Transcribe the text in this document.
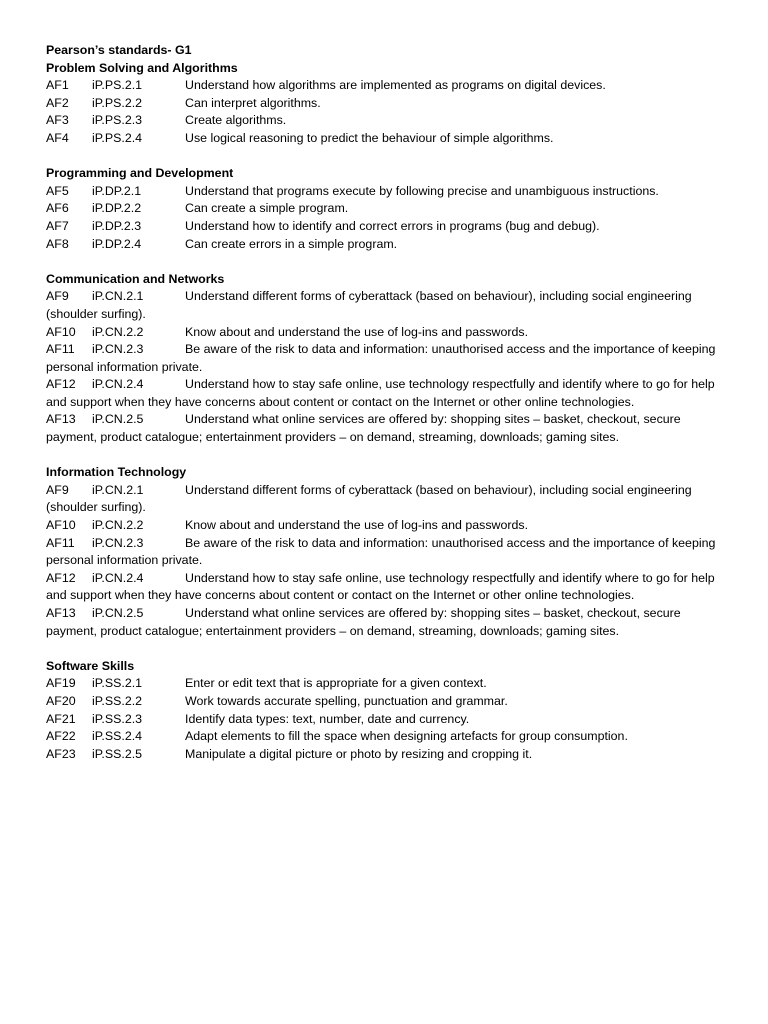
Pearson’s standards- G1

Problem Solving and Algorithms

AF1 iP.PS.2.1	Understand how algorithms are implemented as programs on digital devices.

AF2 iP.PS.2.2	Can interpret algorithms.

AF3 iP.PS.2.3	Create algorithms.

AF4 iP.PS.2.4	Use logical reasoning to predict the behaviour of simple algorithms.

Programming and Development

AF5 iP.DP.2.1	Understand that programs execute by following precise and unambiguous instructions.

AF6 iP.DP.2.2	Can create a simple program.

AF7 iP.DP.2.3	Understand how to identify and correct errors in programs (bug and debug).

AF8 iP.DP.2.4	Can create errors in a simple program.

Communication and Networks

AF9 iP.CN.2.1	Understand different forms of cyberattack (based on behaviour), including social engineering (shoulder surfing).

AF10 iP.CN.2.2	Know about and understand the use of log-ins and passwords.

AF11 iP.CN.2.3	Be aware of the risk to data and information: unauthorised access and the importance of keeping personal information private.

AF12 iP.CN.2.4	Understand how to stay safe online, use technology respectfully and identify where to go for help and support when they have concerns about content or contact on the Internet or other online technologies.

AF13 iP.CN.2.5	Understand what online services are offered by: shopping sites – basket, checkout, secure payment, product catalogue; entertainment providers – on demand, streaming, downloads; gaming sites.

Information Technology

AF9 iP.CN.2.1	Understand different forms of cyberattack (based on behaviour), including social engineering (shoulder surfing).

AF10 iP.CN.2.2	Know about and understand the use of log-ins and passwords.

AF11 iP.CN.2.3	Be aware of the risk to data and information: unauthorised access and the importance of keeping personal information private.

AF12 iP.CN.2.4	Understand how to stay safe online, use technology respectfully and identify where to go for help and support when they have concerns about content or contact on the Internet or other online technologies.

AF13 iP.CN.2.5	Understand what online services are offered by: shopping sites – basket, checkout, secure payment, product catalogue; entertainment providers – on demand, streaming, downloads; gaming sites.

Software Skills

AF19 iP.SS.2.1	Enter or edit text that is appropriate for a given context.

AF20 iP.SS.2.2	Work towards accurate spelling, punctuation and grammar.

AF21 iP.SS.2.3	Identify data types: text, number, date and currency.

AF22 iP.SS.2.4	Adapt elements to fill the space when designing artefacts for group consumption.

AF23 iP.SS.2.5	Manipulate a digital picture or photo by resizing and cropping it.
